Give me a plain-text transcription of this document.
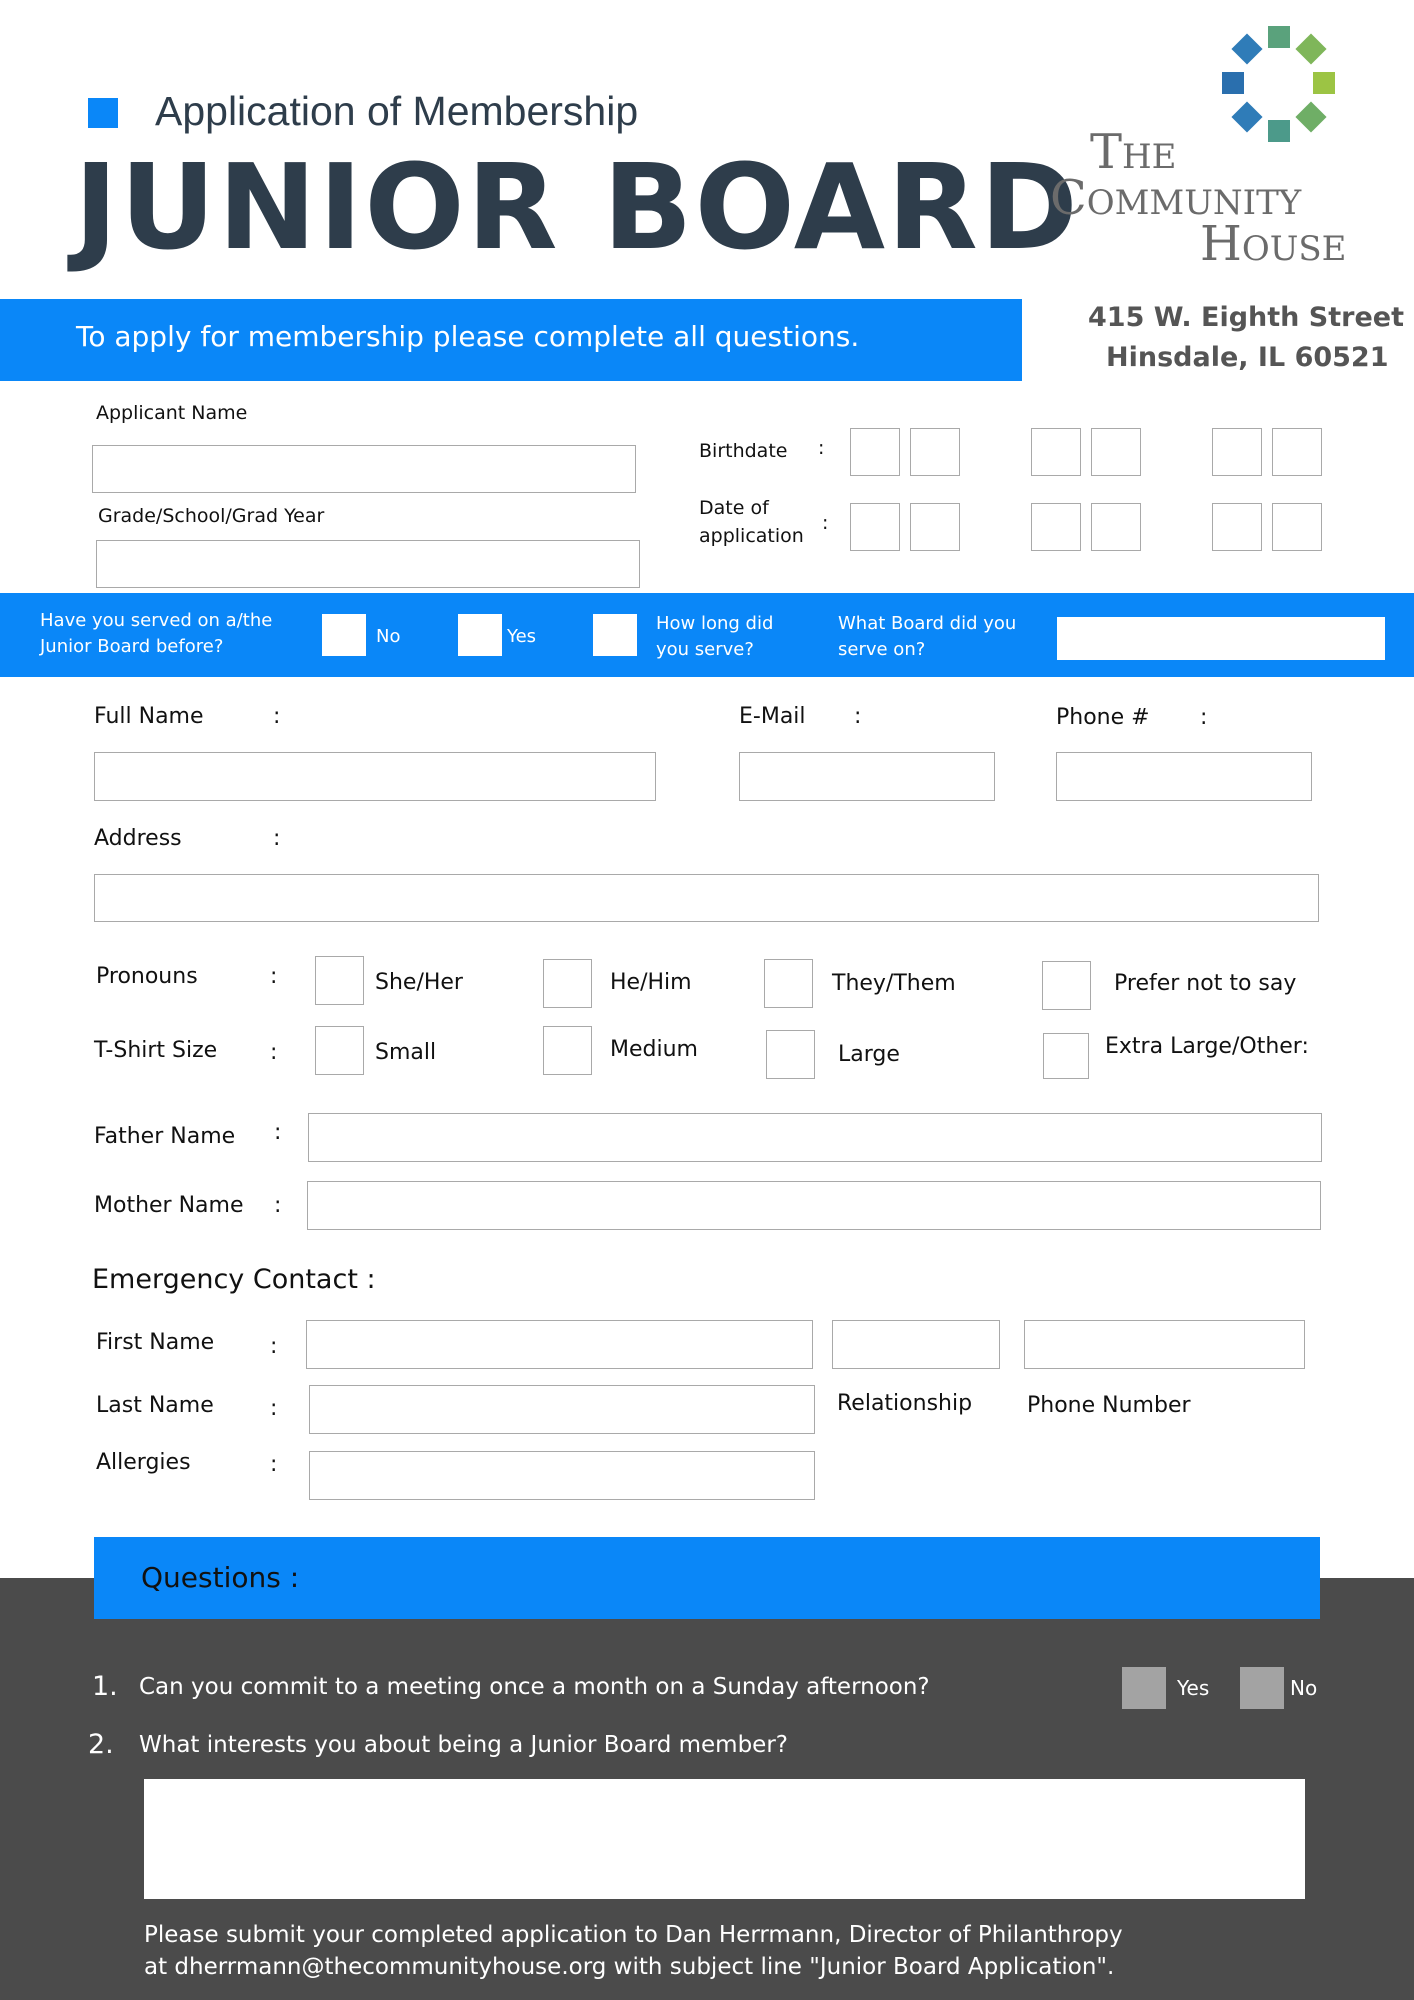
Application of Membership
JUNIOR BOARD The
Community
House
To apply for membership please complete all questions.
415 W. Eighth Street
Hinsdale, IL 60521
Applicant Name
Grade/School/Grad Year
Birthdate :
Date of
application
:
Have you served on a/the
Junior Board before?	No	Yes
How long did
you serve?
What Board did you
serve on?
Full Name	:	E-Mail :	Phone # :
Address	:
Pronouns	:	She/Her	He/Him	They/Them	Prefer not to say
T-Shirt Size :	Small	Medium	Large	Extra Large/Other:
Father Name :
Mother Name :
Emergency Contact :
First Name	:
Last Name	:	Relationship Phone Number
Allergies	:
Questions :
1. Can you commit to a meeting once a month on a Sunday afternoon?	Yes	No
2. What interests you about being a Junior Board member?
Please submit your completed application to Dan Herrmann, Director of Philanthropy
at dherrmann@thecommunityhouse.org with subject line "Junior Board Application".
